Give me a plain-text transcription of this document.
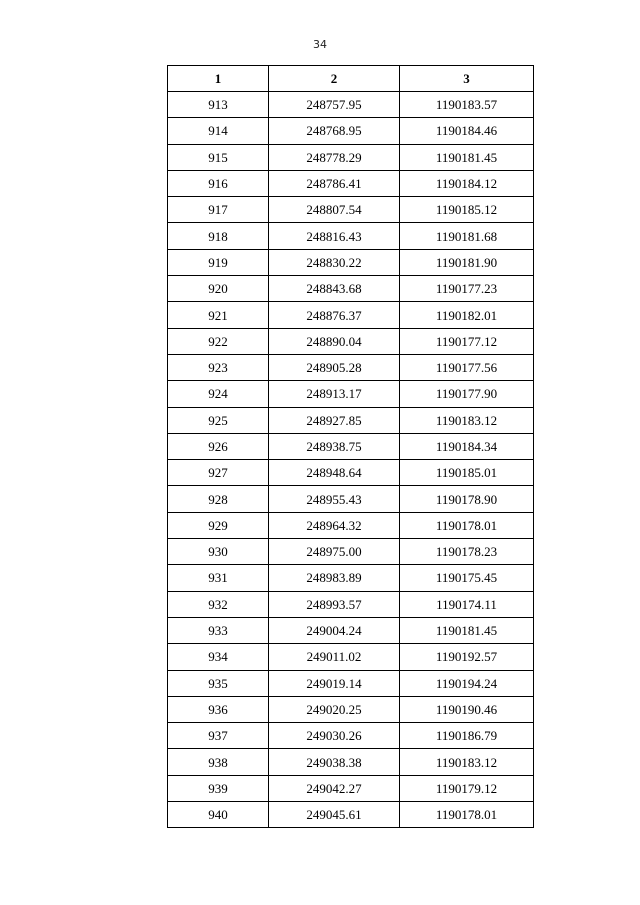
34
1	2	3
913	248757.95	1190183.57
914	248768.95	1190184.46
915	248778.29	1190181.45
916	248786.41	1190184.12
917	248807.54	1190185.12
918	248816.43	1190181.68
919	248830.22	1190181.90
920	248843.68	1190177.23
921	248876.37	1190182.01
922	248890.04	1190177.12
923	248905.28	1190177.56
924	248913.17	1190177.90
925	248927.85	1190183.12
926	248938.75	1190184.34
927	248948.64	1190185.01
928	248955.43	1190178.90
929	248964.32	1190178.01
930	248975.00	1190178.23
931	248983.89	1190175.45
932	248993.57	1190174.11
933	249004.24	1190181.45
934	249011.02	1190192.57
935	249019.14	1190194.24
936	249020.25	1190190.46
937	249030.26	1190186.79
938	249038.38	1190183.12
939	249042.27	1190179.12
940	249045.61	1190178.01
